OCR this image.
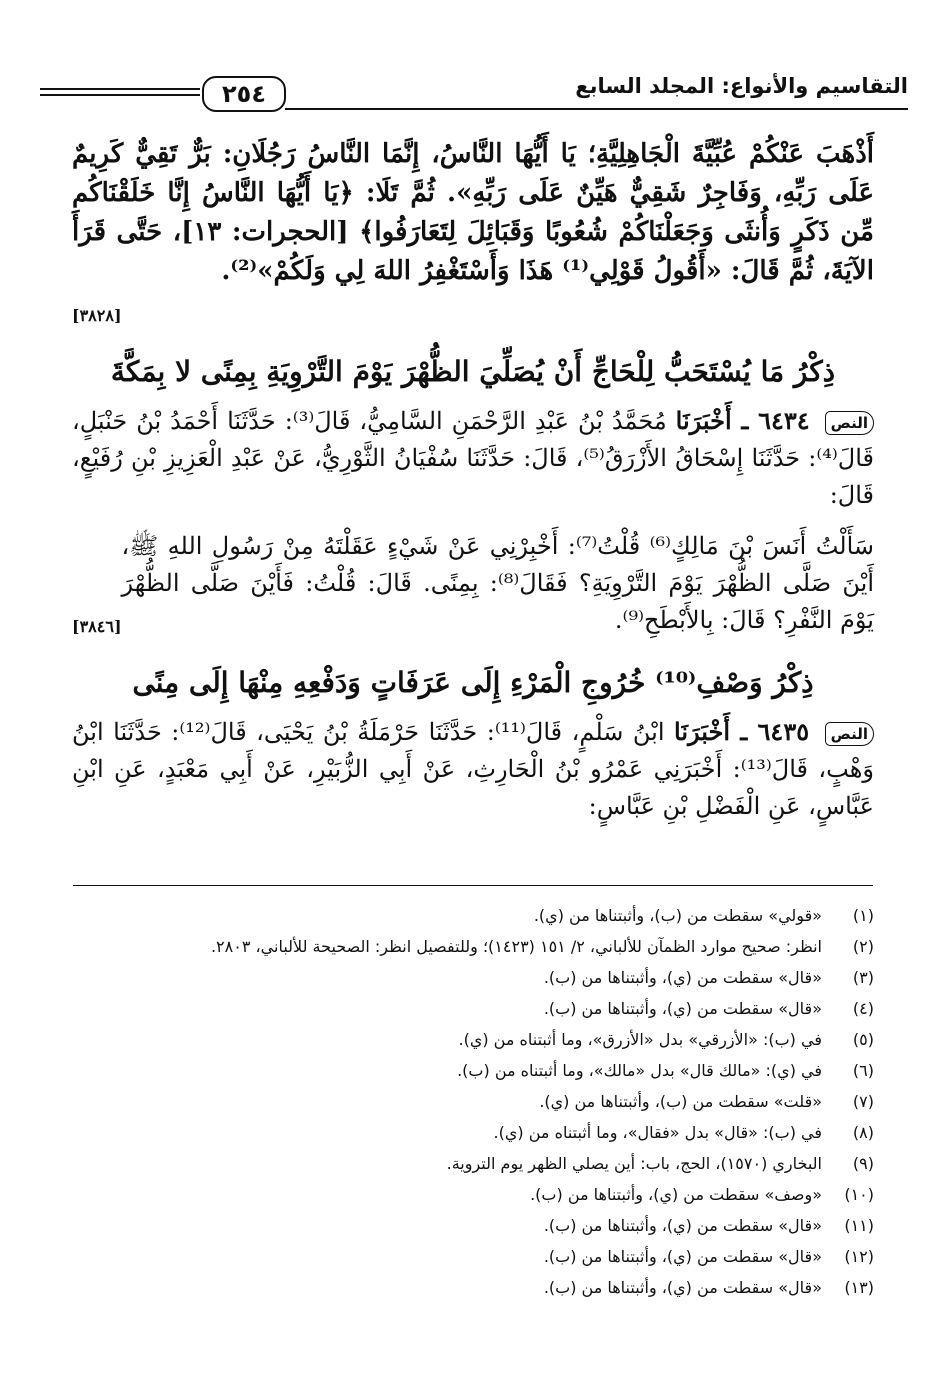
٢٥٤	التقاسيم والأنواع: المجلد السابع

أَذْهَبَ عَنْكُمْ عُبِّيَّةَ الْجَاهِلِيَّةِ؛ يَا أَيُّهَا النَّاسُ، إِنَّمَا النَّاسُ رَجُلَانِ: بَرٌّ تَقِيٌّ كَرِيمٌ عَلَى رَبِّهِ، وَفَاجِرٌ شَقِيٌّ هَيِّنٌ عَلَى رَبِّهِ». ثُمَّ تَلَا: ﴿يَا أَيُّهَا النَّاسُ إِنَّا خَلَقْنَاكُم مِّن ذَكَرٍ وَأُنثَى وَجَعَلْنَاكُمْ شُعُوبًا وَقَبَائِلَ لِتَعَارَفُوا﴾ [الحجرات: ١٣]، حَتَّى قَرَأَ الآيَةَ، ثُمَّ قَالَ: «أَقُولُ قَوْلِي⁽¹⁾ هَذَا وَأَسْتَغْفِرُ اللهَ لِي وَلَكُمْ»⁽²⁾.

[٣٨٢٨]

ذِكْرُ مَا يُسْتَحَبُّ لِلْحَاجِّ أَنْ يُصَلِّيَ الظُّهْرَ يَوْمَ التَّرْوِيَةِ بِمِنًى لا بِمَكَّةَ

النص ٦٤٣٤ ـ أَخْبَرَنَا مُحَمَّدُ بْنُ عَبْدِ الرَّحْمَنِ السَّامِيُّ، قَالَ⁽³⁾: حَدَّثَنَا أَحْمَدُ بْنُ حَنْبَلٍ، قَالَ⁽⁴⁾: حَدَّثَنَا إِسْحَاقُ الأَزْرَقُ⁽⁵⁾، قَالَ: حَدَّثَنَا سُفْيَانُ الثَّوْرِيُّ، عَنْ عَبْدِ الْعَزِيزِ بْنِ رُفَيْعٍ، قَالَ:

[٣٨٤٦]
سَأَلْتُ أَنَسَ بْنَ مَالِكٍ⁽⁶⁾ قُلْتُ⁽⁷⁾: أَخْبِرْنِي عَنْ شَيْءٍ عَقَلْتَهُ مِنْ رَسُولِ اللهِ ﷺ، أَيْنَ صَلَّى الظُّهْرَ يَوْمَ التَّرْوِيَةِ؟ فَقَالَ⁽⁸⁾: بِمِنًى. قَالَ: قُلْتُ: فَأَيْنَ صَلَّى الظُّهْرَ يَوْمَ النَّفْرِ؟ قَالَ: بِالأَبْطَحِ⁽⁹⁾.

ذِكْرُ وَصْفِ⁽¹⁰⁾ خُرُوجِ الْمَرْءِ إِلَى عَرَفَاتٍ وَدَفْعِهِ مِنْهَا إِلَى مِنًى

النص ٦٤٣٥ ـ أَخْبَرَنَا ابْنُ سَلْمٍ، قَالَ⁽¹¹⁾: حَدَّثَنَا حَرْمَلَةُ بْنُ يَحْيَى، قَالَ⁽¹²⁾: حَدَّثَنَا ابْنُ وَهْبٍ، قَالَ⁽¹³⁾: أَخْبَرَنِي عَمْرُو بْنُ الْحَارِثِ، عَنْ أَبِي الزُّبَيْرِ، عَنْ أَبِي مَعْبَدٍ، عَنِ ابْنِ عَبَّاسٍ، عَنِ الْفَضْلِ بْنِ عَبَّاسٍ:

(١)«قولي» سقطت من (ب)، وأثبتناها من (ي).
(٢)انظر: صحيح موارد الظمآن للألباني، ٢/ ١٥١ (١٤٢٣)؛ وللتفصيل انظر: الصحيحة للألباني، ٢٨٠٣.
(٣)«قال» سقطت من (ي)، وأثبتناها من (ب).
(٤)«قال» سقطت من (ي)، وأثبتناها من (ب).
(٥)في (ب): «الأزرقي» بدل «الأزرق»، وما أثبتناه من (ي).
(٦)في (ي): «مالك قال» بدل «مالك»، وما أثبتناه من (ب).
(٧)«قلت» سقطت من (ب)، وأثبتناها من (ي).
(٨)في (ب): «قال» بدل «فقال»، وما أثبتناه من (ي).
(٩)البخاري (١٥٧٠)، الحج، باب: أين يصلي الظهر يوم التروية.
(١٠)«وصف» سقطت من (ي)، وأثبتناها من (ب).
(١١)«قال» سقطت من (ي)، وأثبتناها من (ب).
(١٢)«قال» سقطت من (ي)، وأثبتناها من (ب).
(١٣)«قال» سقطت من (ي)، وأثبتناها من (ب).
